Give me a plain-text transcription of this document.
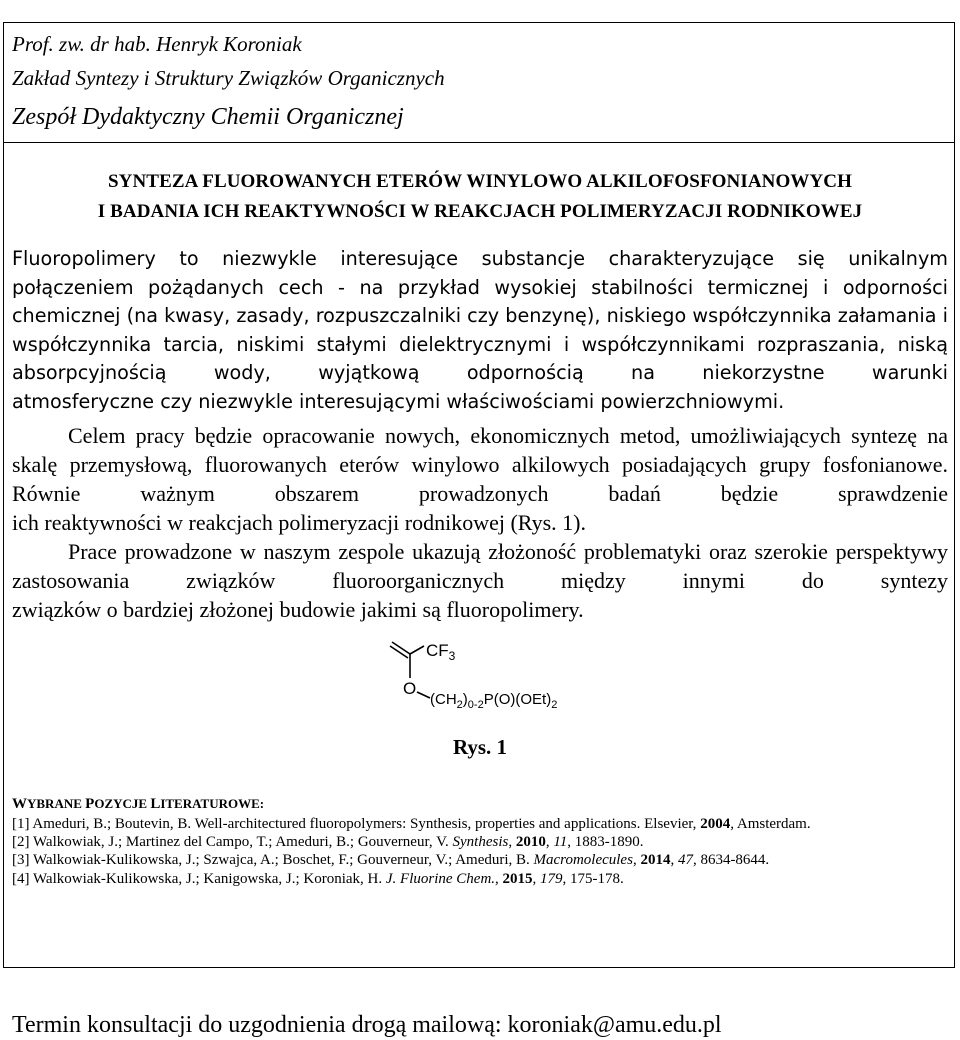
Prof. zw. dr hab. Henryk Koroniak
Zakład Syntezy i Struktury Związków Organicznych
Zespół Dydaktyczny Chemii Organicznej
SYNTEZA FLUOROWANYCH ETERÓW WINYLOWO ALKILOFOSFONIANOWYCH
I BADANIA ICH REAKTYWNOŚCI W REAKCJACH POLIMERYZACJI RODNIKOWEJ
Fluoropolimery to niezwykle interesujące substancje charakteryzujące się unikalnym połączeniem pożądanych cech - na przykład wysokiej stabilności termicznej i odporności chemicznej (na kwasy, zasady, rozpuszczalniki czy benzynę), niskiego współczynnika załamania i współczynnika tarcia, niskimi stałymi dielektrycznymi i współczynnikami rozpraszania, niską absorpcyjnością wody, wyjątkową odpornością na niekorzystne warunki
atmosferyczne czy niezwykle interesującymi właściwościami powierzchniowymi.
Celem pracy będzie opracowanie nowych, ekonomicznych metod, umożliwiających syntezę na skalę przemysłową, fluorowanych eterów winylowo alkilowych posiadających grupy fosfonianowe. Równie ważnym obszarem prowadzonych badań będzie sprawdzenie
ich reaktywności w reakcjach polimeryzacji rodnikowej (Rys. 1).
Prace prowadzone w naszym zespole ukazują złożoność problematyki oraz szerokie perspektywy zastosowania związków fluoroorganicznych między innymi do syntezy
związków o bardziej złożonej budowie jakimi są fluoropolimery.
$CF_3$
O
$(CH_2)_{0-2}P(O)(OEt)_2$
Rys. 1
WYBRANE POZYCJE LITERATUROWE:
[1] Ameduri, B.; Boutevin, B. Well-architectured fluoropolymers: Synthesis, properties and applications. Elsevier, 2004, Amsterdam.
[2] Walkowiak, J.; Martinez del Campo, T.; Ameduri, B.; Gouverneur, V. Synthesis, 2010, 11, 1883-1890.
[3] Walkowiak-Kulikowska, J.; Szwajca, A.; Boschet, F.; Gouverneur, V.; Ameduri, B. Macromolecules, 2014, 47, 8634-8644.
[4] Walkowiak-Kulikowska, J.; Kanigowska, J.; Koroniak, H. J. Fluorine Chem., 2015, 179, 175-178.
Termin konsultacji do uzgodnienia drogą mailową: koroniak@amu.edu.pl
